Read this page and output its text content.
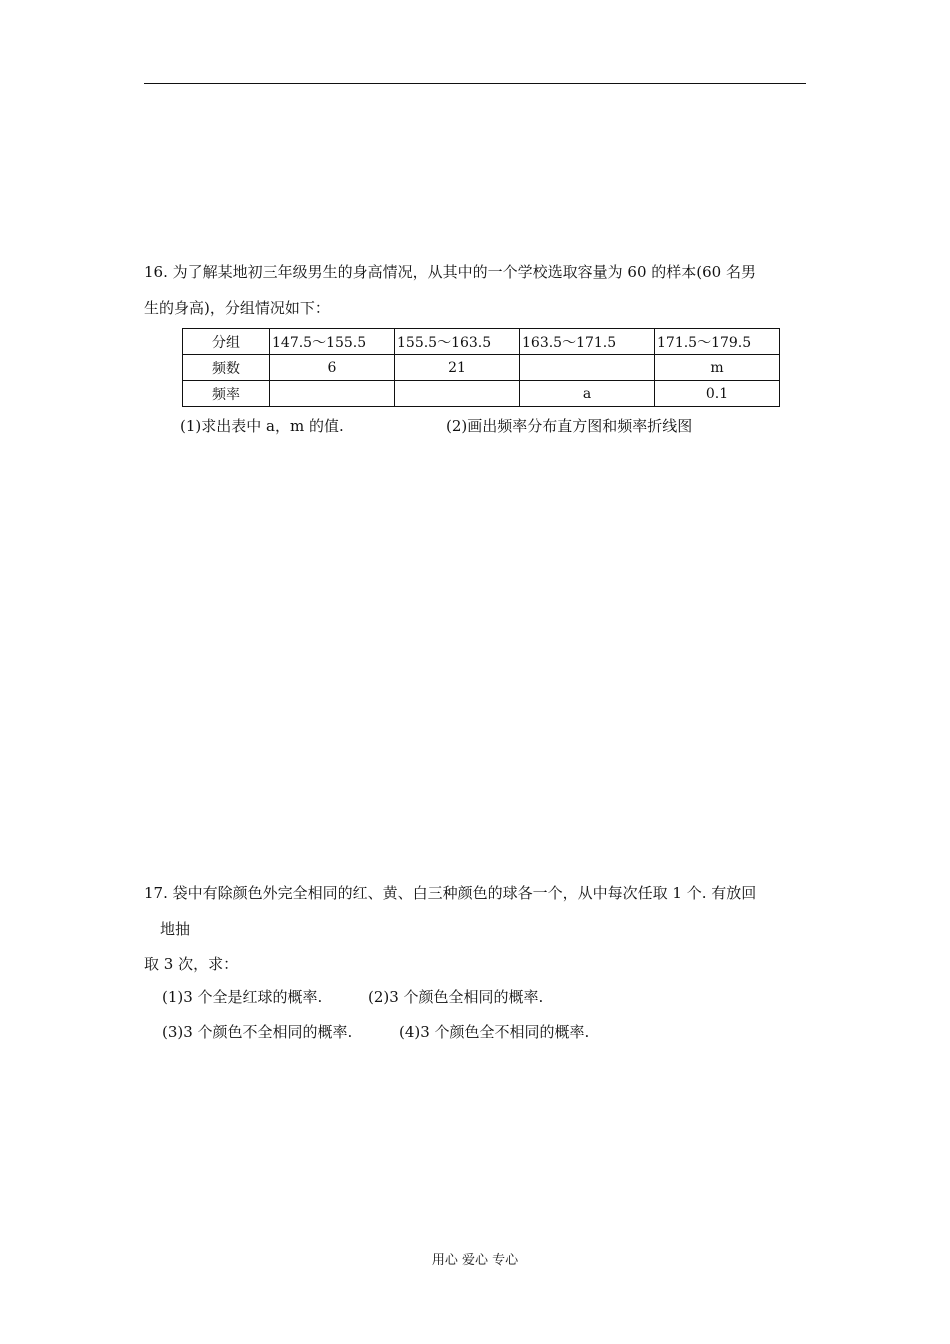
16. 为了解某地初三年级男生的身高情况，从其中的一个学校选取容量为 60 的样本(60 名男
生的身高)，分组情况如下：
分组	147.5～155.5	155.5～163.5	163.5～171.5	171.5～179.5
频数	6	21		m
频率			a	0.1
(1)求出表中 a，m 的值.	(2)画出频率分布直方图和频率折线图
17. 袋中有除颜色外完全相同的红、黄、白三种颜色的球各一个，从中每次任取 1 个. 有放回
地抽
取 3 次，求：
(1)3 个全是红球的概率.	(2)3 个颜色全相同的概率.
(3)3 个颜色不全相同的概率.	(4)3 个颜色全不相同的概率.
用心 爱心 专心
